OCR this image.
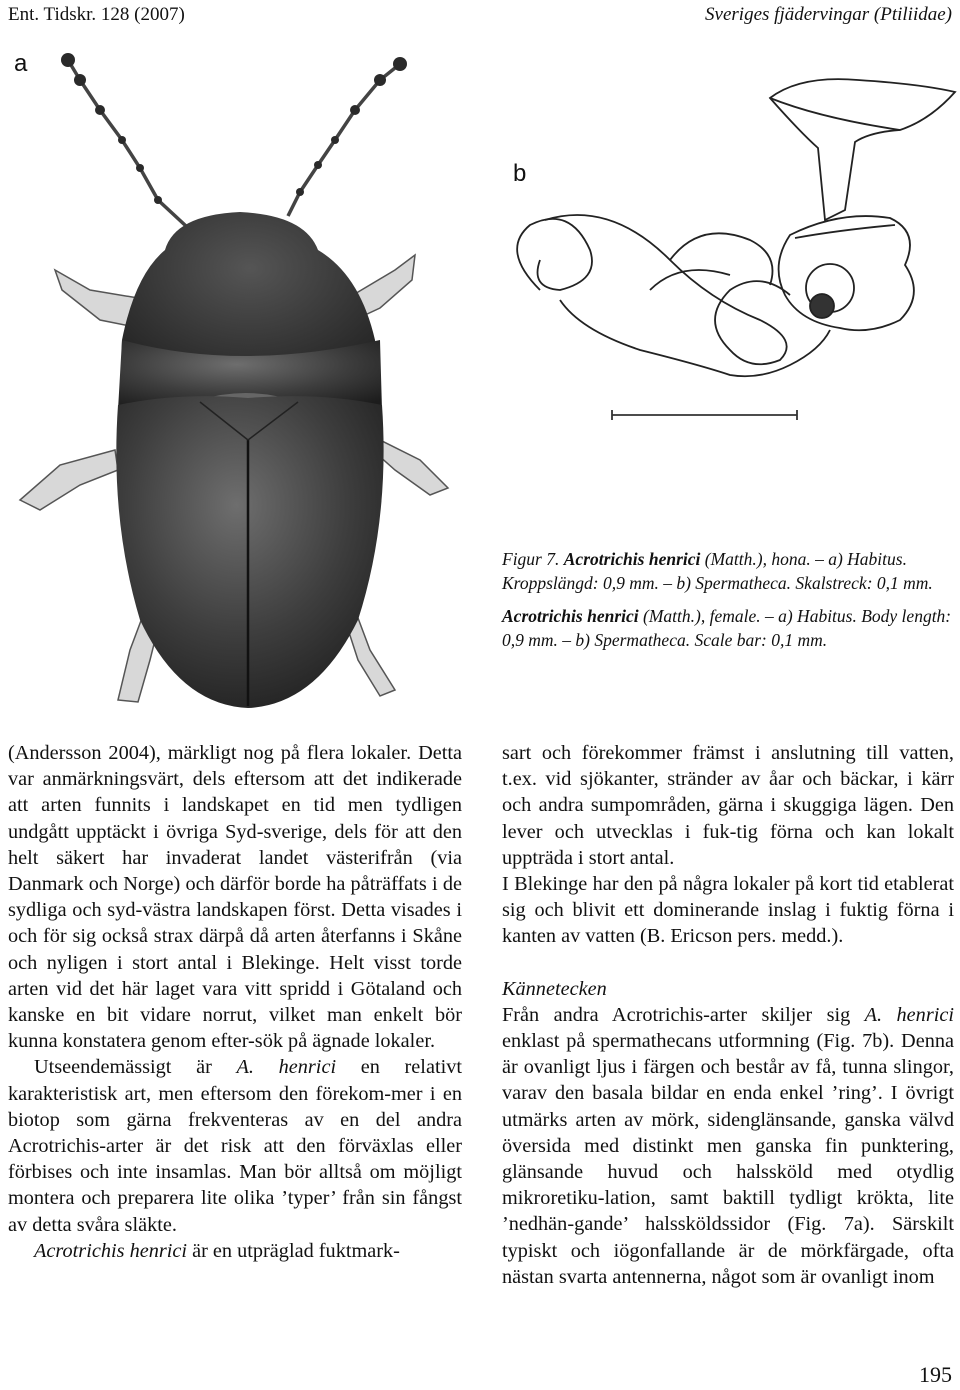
Ent. Tidskr. 128 (2007)	Sveriges fjädervingar (Ptiliidae)
a
b

Figur 7. Acrotrichis henrici (Matth.), hona. – a) Habitus. Kroppslängd: 0,9 mm. – b) Spermatheca. Skalstreck: 0,1 mm.

Acrotrichis henrici (Matth.), female. – a) Habitus. Body length: 0,9 mm. – b) Spermatheca. Scale bar: 0,1 mm.

(Andersson 2004), märkligt nog på flera lokaler. Detta var anmärkningsvärt, dels eftersom att det indikerade att arten funnits i landskapet en tid men tydligen undgått upptäckt i övriga Syd-sverige, dels för att den helt säkert har invaderat landet västerifrån (via Danmark och Norge) och därför borde ha påträffats i de sydliga och syd-västra landskapen först. Detta visades i och för sig också strax därpå då arten återfanns i Skåne och nyligen i stort antal i Blekinge. Helt visst torde arten vid det här laget vara vitt spridd i Götaland och kanske en bit vidare norrut, vilket man enkelt bör kunna konstatera genom efter-sök på ägnade lokaler.

Utseendemässigt är A. henrici en relativt karakteristisk art, men eftersom den förekom-mer i en biotop som gärna frekventeras av en del andra Acrotrichis-arter är det risk att den förväxlas eller förbises och inte insamlas. Man bör alltså om möjligt montera och preparera lite olika ’typer’ från sin fångst av detta svåra släkte.

Acrotrichis henrici är en utpräglad fuktmark-

sart och förekommer främst i anslutning till vatten, t.ex. vid sjökanter, stränder av åar och bäckar, i kärr och andra sumpområden, gärna i skuggiga lägen. Den lever och utvecklas i fuk-tig förna och kan lokalt uppträda i stort antal.

I Blekinge har den på några lokaler på kort tid etablerat sig och blivit ett dominerande inslag i fuktig förna i kanten av vatten (B. Ericson pers. medd.).

Kännetecken

Från andra Acrotrichis-arter skiljer sig A. henrici enklast på spermathecans utformning (Fig. 7b). Denna är ovanligt ljus i färgen och består av få, tunna slingor, varav den basala bildar en enda enkel ’ring’. I övrigt utmärks arten av mörk, sidenglänsande, ganska välvd översida med distinkt men ganska fin punktering, glänsande huvud och halssköld med otydlig mikroretiku-lation, samt baktill tydligt krökta, lite ’nedhän-gande’ halssköldssidor (Fig. 7a). Särskilt typiskt och iögonfallande är de mörkfärgade, ofta nästan svarta antennerna, något som är ovanligt inom

195
